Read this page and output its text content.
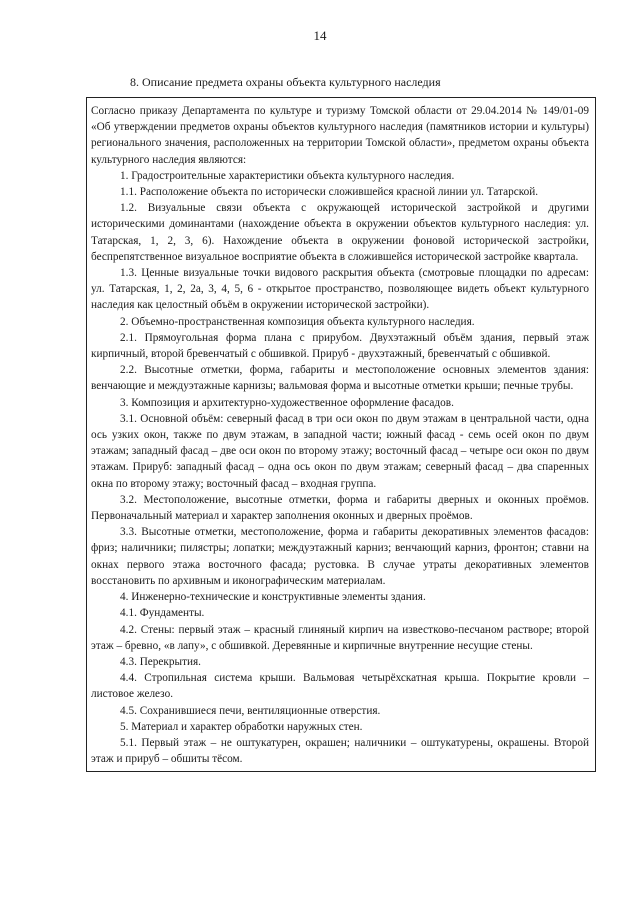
14
8. Описание предмета охраны объекта культурного наследия

Согласно приказу Департамента по культуре и туризму Томской области от 29.04.2014 № 149/01-09 «Об утверждении предметов охраны объектов культурного наследия (памятников истории и культуры) регионального значения, расположенных на территории Томской области», предметом охраны объекта культурного наследия являются:

1. Градостроительные характеристики объекта культурного наследия.

1.1. Расположение объекта по исторически сложившейся красной линии ул. Татарской.

1.2. Визуальные связи объекта с окружающей исторической застройкой и другими историческими доминантами (нахождение объекта в окружении объектов культурного наследия: ул. Татарская, 1, 2, 3, 6). Нахождение объекта в окружении фоновой исторической застройки, беспрепятственное визуальное восприятие объекта в сложившейся исторической застройке квартала.

1.3. Ценные визуальные точки видового раскрытия объекта (смотровые площадки по адресам: ул. Татарская, 1, 2, 2а, 3, 4, 5, 6 - открытое пространство, позволяющее видеть объект культурного наследия как целостный объём в окружении исторической застройки).

2. Объемно-пространственная композиция объекта культурного наследия.

2.1. Прямоугольная форма плана с прирубом. Двухэтажный объём здания, первый этаж кирпичный, второй бревенчатый с обшивкой. Прируб - двухэтажный, бревенчатый с обшивкой.

2.2. Высотные отметки, форма, габариты и местоположение основных элементов здания: венчающие и междуэтажные карнизы; вальмовая форма и высотные отметки крыши; печные трубы.

3. Композиция и архитектурно-художественное оформление фасадов.

3.1. Основной объём: северный фасад в три оси окон по двум этажам в центральной части, одна ось узких окон, также по двум этажам, в западной части; южный фасад - семь осей окон по двум этажам; западный фасад – две оси окон по второму этажу; восточный фасад – четыре оси окон по двум этажам. Прируб: западный фасад – одна ось окон по двум этажам; северный фасад – два спаренных окна по второму этажу; восточный фасад – входная группа.

3.2. Местоположение, высотные отметки, форма и габариты дверных и оконных проёмов. Первоначальный материал и характер заполнения оконных и дверных проёмов.

3.3. Высотные отметки, местоположение, форма и габариты декоративных элементов фасадов: фриз; наличники; пилястры; лопатки; междуэтажный карниз; венчающий карниз, фронтон; ставни на окнах первого этажа восточного фасада; рустовка. В случае утраты декоративных элементов восстановить по архивным и иконографическим материалам.

4. Инженерно-технические и конструктивные элементы здания.

4.1. Фундаменты.

4.2. Стены: первый этаж – красный глиняный кирпич на известково-песчаном растворе; второй этаж – бревно, «в лапу», с обшивкой. Деревянные и кирпичные внутренние несущие стены.

4.3. Перекрытия.

4.4. Стропильная система крыши. Вальмовая четырёхскатная крыша. Покрытие кровли – листовое железо.

4.5. Сохранившиеся печи, вентиляционные отверстия.

5. Материал и характер обработки наружных стен.

5.1. Первый этаж – не оштукатурен, окрашен; наличники – оштукатурены, окрашены. Второй этаж и прируб – обшиты тёсом.
